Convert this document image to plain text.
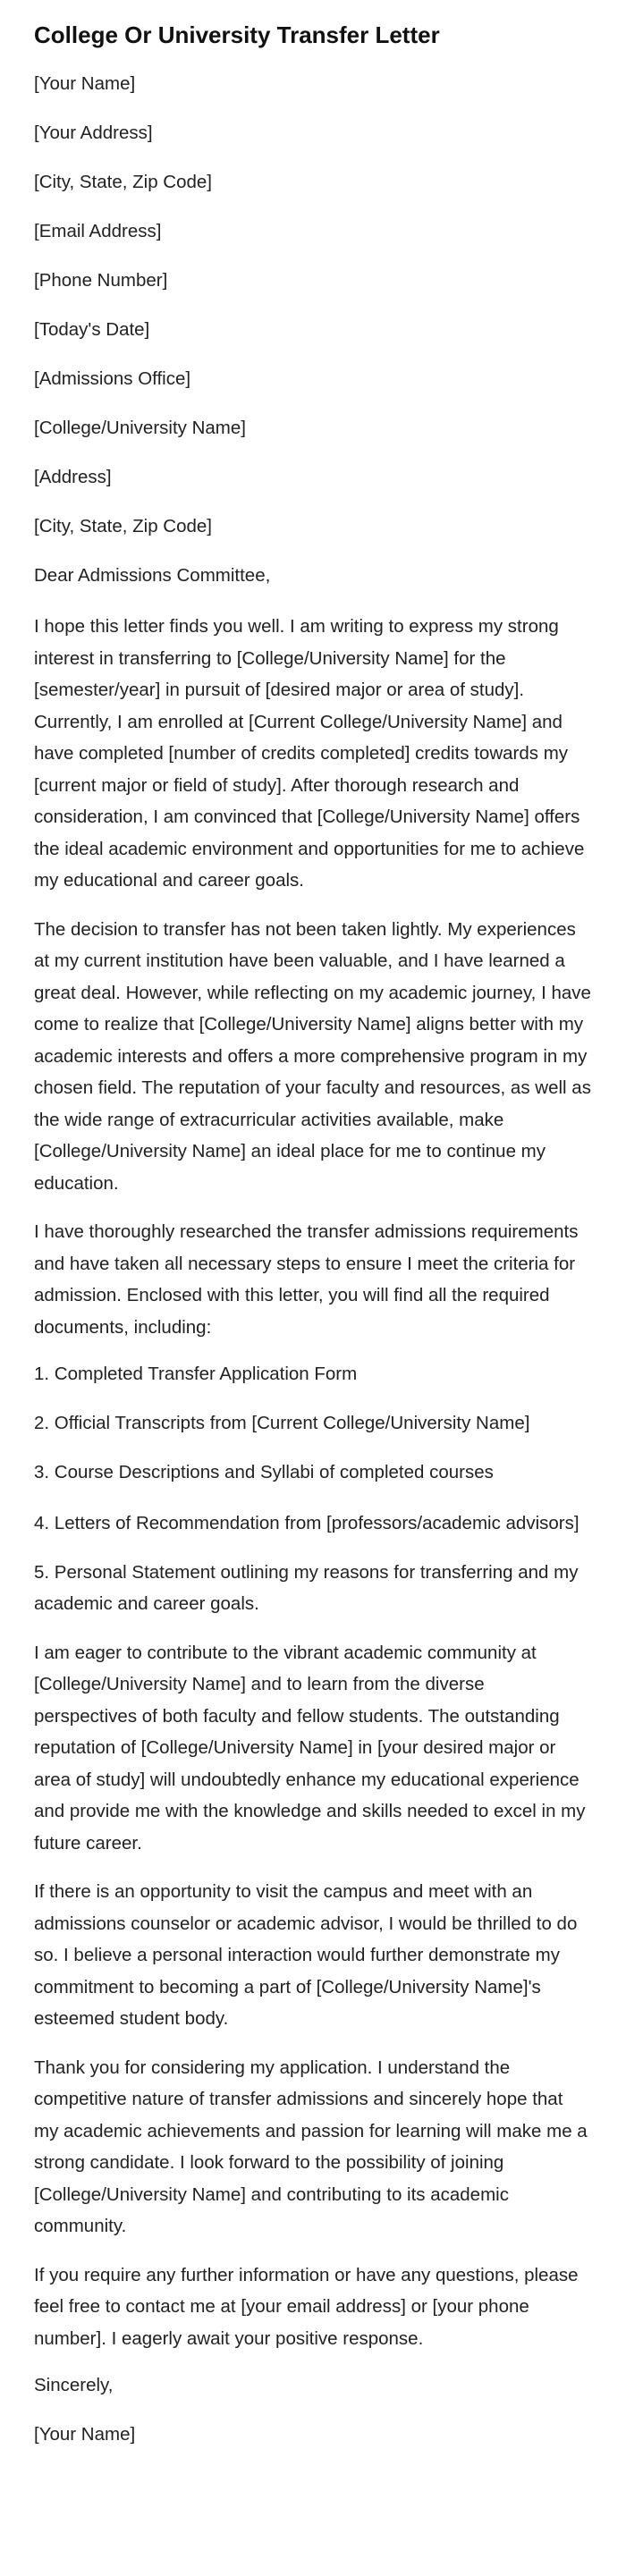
College Or University Transfer Letter

[Your Name]

[Your Address]

[City, State, Zip Code]

[Email Address]

[Phone Number]

[Today's Date]

[Admissions Office]

[College/University Name]

[Address]

[City, State, Zip Code]

Dear Admissions Committee,

I hope this letter finds you well. I am writing to express my strong interest in transferring to [College/University Name] for the [semester/year] in pursuit of [desired major or area of study]. Currently, I am enrolled at [Current College/University Name] and have completed [number of credits completed] credits towards my [current major or field of study]. After thorough research and consideration, I am convinced that [College/University Name] offers the ideal academic environment and opportunities for me to achieve my educational and career goals.

The decision to transfer has not been taken lightly. My experiences at my current institution have been valuable, and I have learned a great deal. However, while reflecting on my academic journey, I have come to realize that [College/University Name] aligns better with my academic interests and offers a more comprehensive program in my chosen field. The reputation of your faculty and resources, as well as the wide range of extracurricular activities available, make [College/University Name] an ideal place for me to continue my education.

I have thoroughly researched the transfer admissions requirements and have taken all necessary steps to ensure I meet the criteria for admission. Enclosed with this letter, you will find all the required documents, including:

1. Completed Transfer Application Form

2. Official Transcripts from [Current College/University Name]

3. Course Descriptions and Syllabi of completed courses

4. Letters of Recommendation from [professors/academic advisors]

5. Personal Statement outlining my reasons for transferring and my academic and career goals.

I am eager to contribute to the vibrant academic community at [College/University Name] and to learn from the diverse perspectives of both faculty and fellow students. The outstanding reputation of [College/University Name] in [your desired major or area of study] will undoubtedly enhance my educational experience and provide me with the knowledge and skills needed to excel in my future career.

If there is an opportunity to visit the campus and meet with an admissions counselor or academic advisor, I would be thrilled to do so. I believe a personal interaction would further demonstrate my commitment to becoming a part of [College/University Name]'s esteemed student body.

Thank you for considering my application. I understand the competitive nature of transfer admissions and sincerely hope that my academic achievements and passion for learning will make me a strong candidate. I look forward to the possibility of joining [College/University Name] and contributing to its academic community.

If you require any further information or have any questions, please feel free to contact me at [your email address] or [your phone number]. I eagerly await your positive response.

Sincerely,

[Your Name]
